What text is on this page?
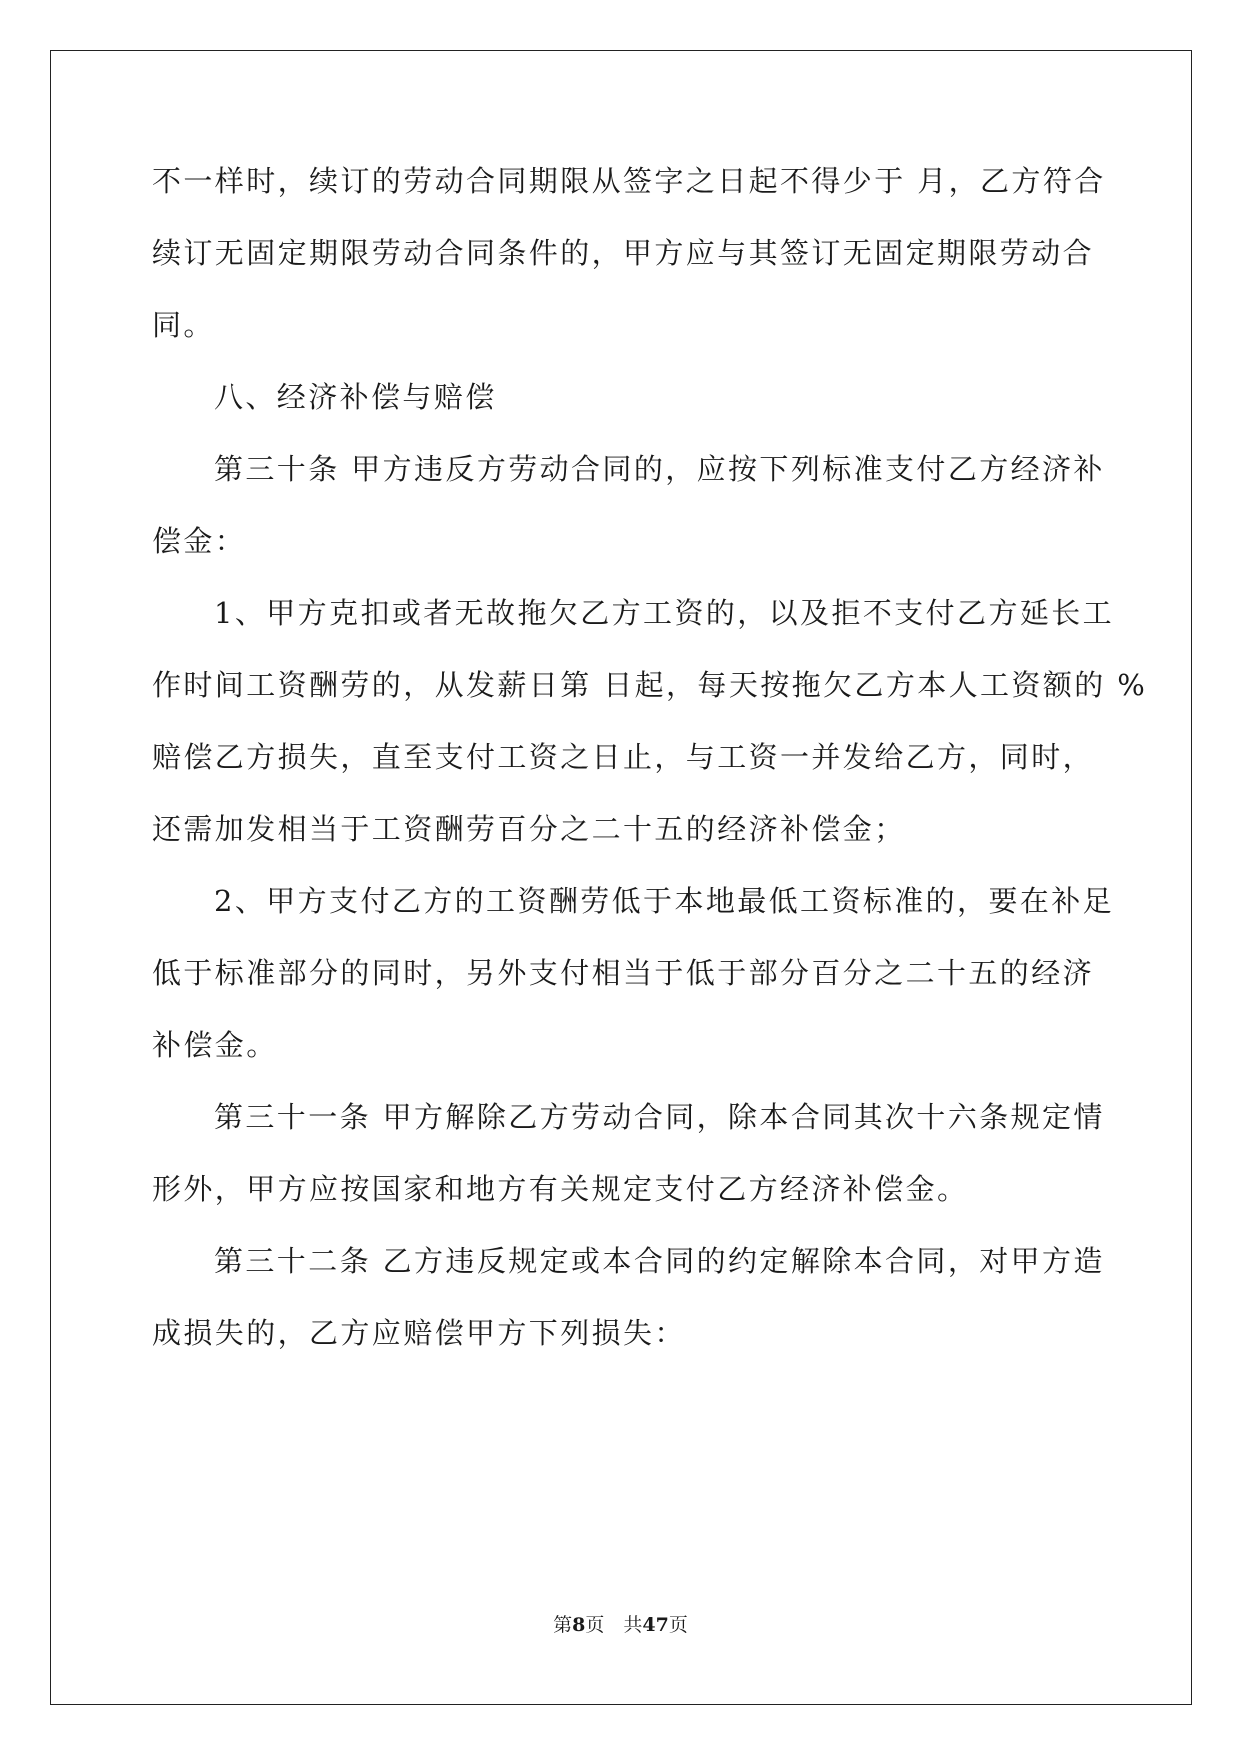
不一样时，续订的劳动合同期限从签字之日起不得少于 月，乙方符合
续订无固定期限劳动合同条件的，甲方应与其签订无固定期限劳动合
同。
八、经济补偿与赔偿
第三十条 甲方违反方劳动合同的，应按下列标准支付乙方经济补
偿金：
1、甲方克扣或者无故拖欠乙方工资的，以及拒不支付乙方延长工
作时间工资酬劳的，从发薪日第 日起，每天按拖欠乙方本人工资额的 %
赔偿乙方损失，直至支付工资之日止，与工资一并发给乙方，同时，
还需加发相当于工资酬劳百分之二十五的经济补偿金；
2、甲方支付乙方的工资酬劳低于本地最低工资标准的，要在补足
低于标准部分的同时，另外支付相当于低于部分百分之二十五的经济
补偿金。
第三十一条 甲方解除乙方劳动合同，除本合同其次十六条规定情
形外，甲方应按国家和地方有关规定支付乙方经济补偿金。
第三十二条 乙方违反规定或本合同的约定解除本合同，对甲方造
成损失的，乙方应赔偿甲方下列损失：
第8页　共47页
